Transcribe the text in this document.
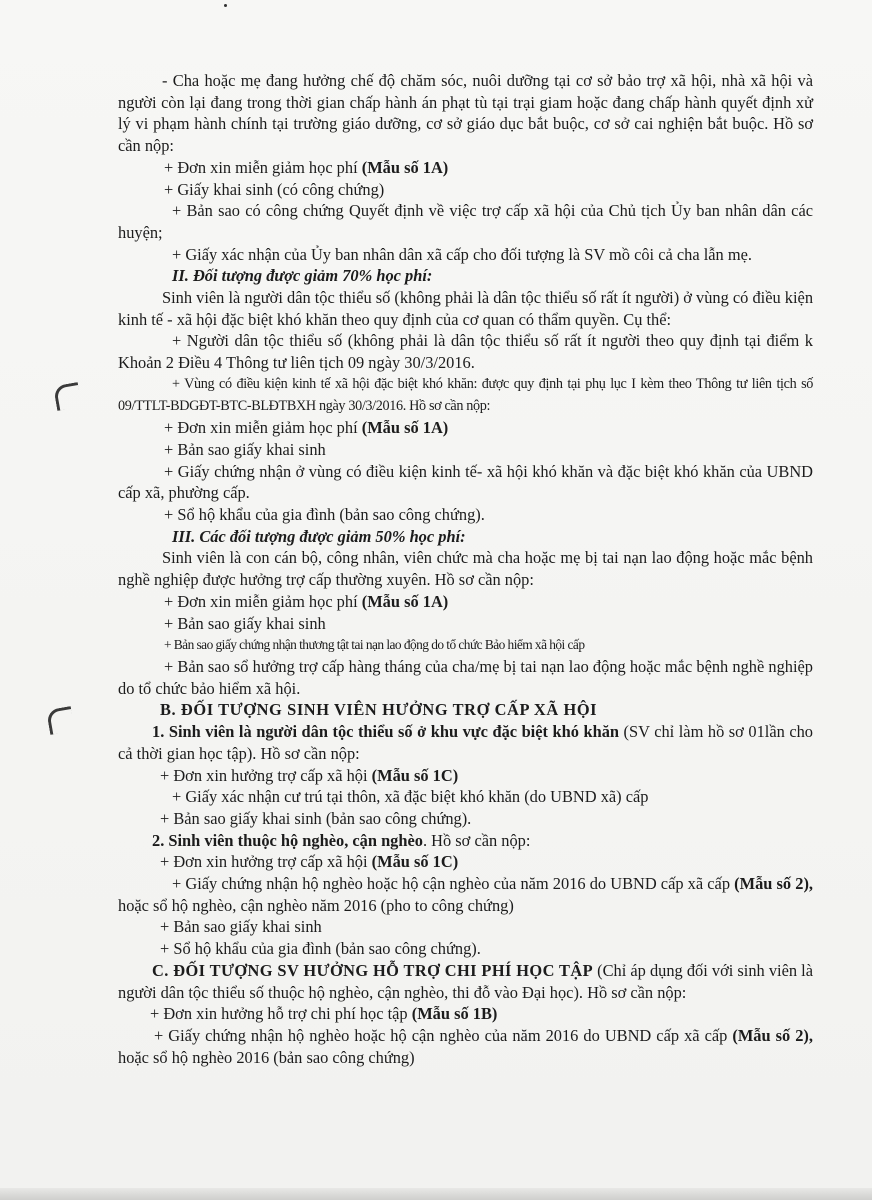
- Cha hoặc mẹ đang hưởng chế độ chăm sóc, nuôi dưỡng tại cơ sở bảo trợ xã hội, nhà xã hội và người còn lại đang trong thời gian chấp hành án phạt tù tại trại giam hoặc đang chấp hành quyết định xử lý vi phạm hành chính tại trường giáo dưỡng, cơ sở giáo dục bắt buộc, cơ sở cai nghiện bắt buộc. Hồ sơ cần nộp:

+ Đơn xin miễn giảm học phí (Mẫu số 1A)

+ Giấy khai sinh (có công chứng)

+ Bản sao có công chứng Quyết định về việc trợ cấp xã hội của Chủ tịch Ủy ban nhân dân các huyện;

+ Giấy xác nhận của Ủy ban nhân dân xã cấp cho đối tượng là SV mồ côi cả cha lẫn mẹ.

II. Đối tượng được giảm 70% học phí:

Sinh viên là người dân tộc thiểu số (không phải là dân tộc thiểu số rất ít người) ở vùng có điều kiện kinh tế - xã hội đặc biệt khó khăn theo quy định của cơ quan có thẩm quyền. Cụ thể:

+ Người dân tộc thiểu số (không phải là dân tộc thiểu số rất ít người theo quy định tại điểm k Khoản 2 Điều 4 Thông tư liên tịch 09 ngày 30/3/2016.

+ Vùng có điều kiện kinh tế xã hội đặc biệt khó khăn: được quy định tại phụ lục I kèm theo Thông tư liên tịch số 09/TTLT-BDGĐT-BTC-BLĐTBXH ngày 30/3/2016. Hồ sơ cần nộp:

+ Đơn xin miễn giảm học phí (Mẫu số 1A)

+ Bản sao giấy khai sinh

+ Giấy chứng nhận ở vùng có điều kiện kinh tế- xã hội khó khăn và đặc biệt khó khăn của UBND cấp xã, phường cấp.

+ Sổ hộ khẩu của gia đình (bản sao công chứng).

III. Các đối tượng được giảm 50% học phí:

Sinh viên là con cán bộ, công nhân, viên chức mà cha hoặc mẹ bị tai nạn lao động hoặc mắc bệnh nghề nghiệp được hưởng trợ cấp thường xuyên. Hồ sơ cần nộp:

+ Đơn xin miễn giảm học phí (Mẫu số 1A)

+ Bản sao giấy khai sinh

+ Bản sao giấy chứng nhận thương tật tai nạn lao động do tổ chức Bảo hiểm xã hội cấp

+ Bản sao sổ hưởng trợ cấp hàng tháng của cha/mẹ bị tai nạn lao động hoặc mắc bệnh nghề nghiệp do tổ chức bảo hiểm xã hội.

B. ĐỐI TƯỢNG SINH VIÊN HƯỞNG TRỢ CẤP XÃ HỘI

1. Sinh viên là người dân tộc thiểu số ở khu vực đặc biệt khó khăn (SV chỉ làm hồ sơ 01lần cho cả thời gian học tập). Hồ sơ cần nộp:

+ Đơn xin hưởng trợ cấp xã hội (Mẫu số 1C)

+ Giấy xác nhận cư trú tại thôn, xã đặc biệt khó khăn (do UBND xã) cấp

+ Bản sao giấy khai sinh (bản sao công chứng).

2. Sinh viên thuộc hộ nghèo, cận nghèo. Hồ sơ cần nộp:

+ Đơn xin hưởng trợ cấp xã hội (Mẫu số 1C)

+ Giấy chứng nhận hộ nghèo hoặc hộ cận nghèo của năm 2016 do UBND cấp xã cấp (Mẫu số 2), hoặc sổ hộ nghèo, cận nghèo năm 2016 (pho to công chứng)

+ Bản sao giấy khai sinh

+ Sổ hộ khẩu của gia đình (bản sao công chứng).

C. ĐỐI TƯỢNG SV HƯỞNG HỖ TRỢ CHI PHÍ HỌC TẬP (Chỉ áp dụng đối với sinh viên là người dân tộc thiểu số thuộc hộ nghèo, cận nghèo, thi đỗ vào Đại học). Hồ sơ cần nộp:

+ Đơn xin hưởng hỗ trợ chi phí học tập (Mẫu số 1B)

+ Giấy chứng nhận hộ nghèo hoặc hộ cận nghèo của năm 2016 do UBND cấp xã cấp (Mẫu số 2), hoặc sổ hộ nghèo 2016 (bản sao công chứng)
